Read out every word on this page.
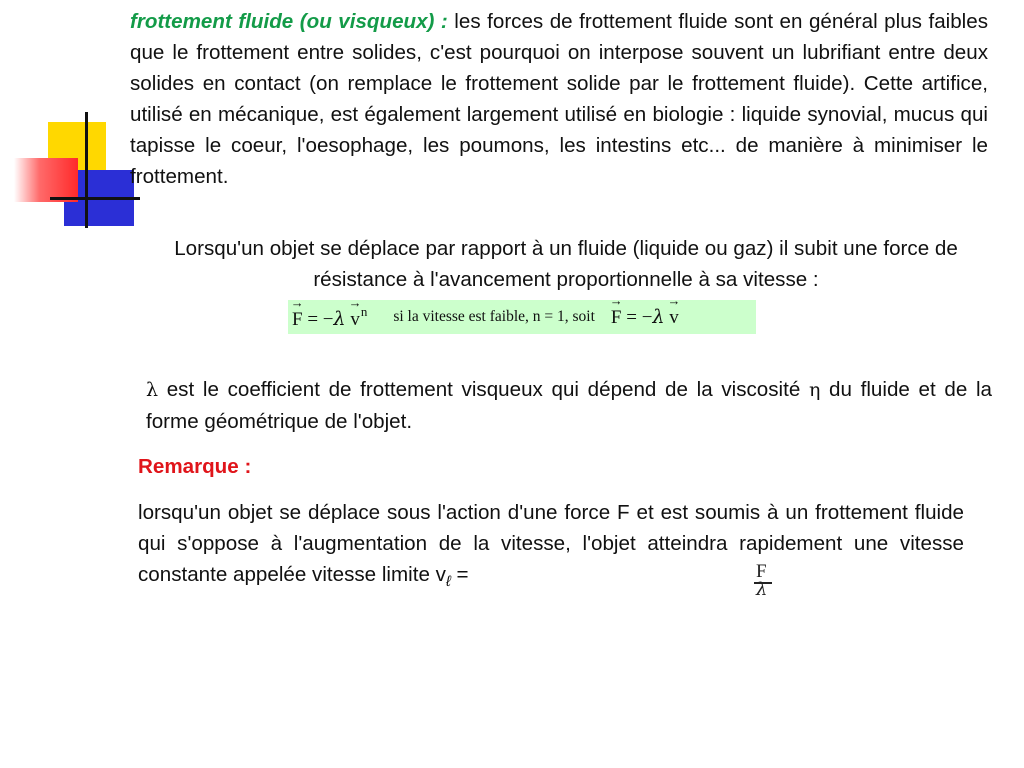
frottement fluide (ou visqueux) : les forces de frottement fluide sont en général plus faibles que le frottement entre solides, c'est pourquoi on interpose souvent un lubrifiant entre deux solides en contact (on remplace le frottement solide par le frottement fluide). Cette artifice, utilisé en mécanique, est également largement utilisé en biologie : liquide synovial, mucus qui tapisse le coeur, l'oesophage, les poumons, les intestins etc... de manière à minimiser le frottement.

Lorsqu'un objet se déplace par rapport à un fluide (liquide ou gaz) il subit une force de résistance à l'avancement proportionnelle à sa vitesse :

→ $F = -\lambda \to v^n$ si la vitesse est faible, n = 1, soit → F = −λ → v

λ est le coefficient de frottement visqueux qui dépend de la viscosité η du fluide et de la forme géométrique de l'objet.

Remarque :

lorsqu'un objet se déplace sous l'action d'une force F et est soumis à un frottement fluide qui s'oppose à l'augmentation de la vitesse, l'objet atteindra rapidement une vitesse constante appelée vitesse limite $v_\ell$ =	F
λ
